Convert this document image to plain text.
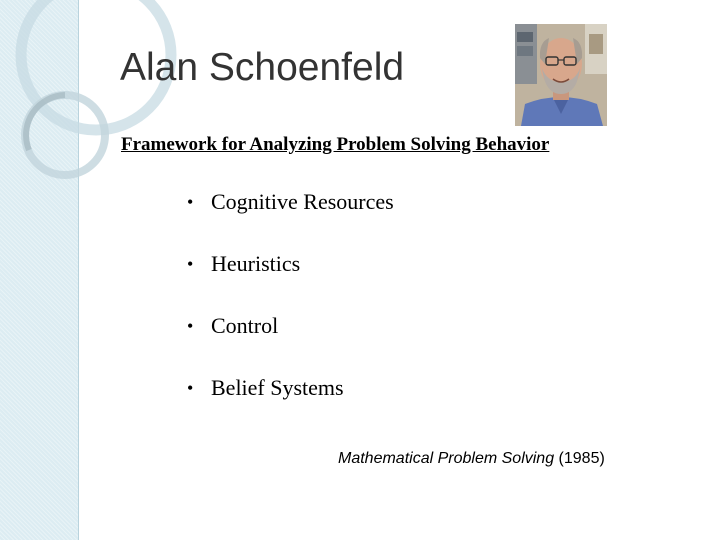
Alan Schoenfeld
Framework for Analyzing Problem Solving Behavior
• Cognitive Resources
• Heuristics
• Control
• Belief Systems
Mathematical Problem Solving (1985)
